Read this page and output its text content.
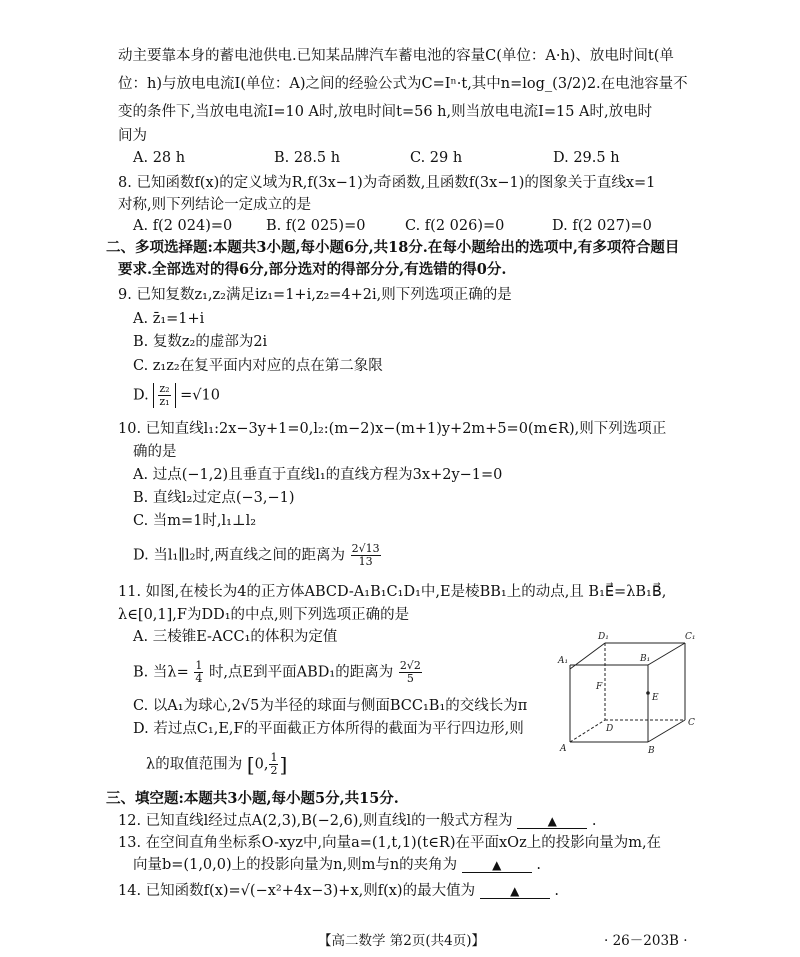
动主要靠本身的蓄电池供电.已知某品牌汽车蓄电池的容量C(单位：A·h)、放电时间t(单
位：h)与放电电流I(单位：A)之间的经验公式为C=Iⁿ·t,其中n=log_(3/2)2.在电池容量不
变的条件下,当放电电流I=10 A时,放电时间t=56 h,则当放电电流I=15 A时,放电时
间为
A. 28 h	B. 28.5 h	C. 29 h	D. 29.5 h
8. 已知函数f(x)的定义域为R,f(3x−1)为奇函数,且函数f(3x−1)的图象关于直线x=1
对称,则下列结论一定成立的是
A. f(2 024)=0 B. f(2 025)=0	C. f(2 026)=0	D. f(2 027)=0
二、多项选择题:本题共3小题,每小题6分,共18分.在每小题给出的选项中,有多项符合题目
要求.全部选对的得6分,部分选对的得部分分,有选错的得0分.
9. 已知复数z₁,z₂满足iz₁=1+i,z₂=4+2i,则下列选项正确的是
A. z̄₁=1+i
B. 复数z₂的虚部为2i
C. z₁z₂在复平面内对应的点在第二象限
D. $\frac{\text{z₂}}{\text{z₁}} =√10$
10. 已知直线l₁:2x−3y+1=0,l₂:(m−2)x−(m+1)y+2m+5=0(m∈R),则下列选项正
确的是
A. 过点(−1,2)且垂直于直线l₁的直线方程为3x+2y−1=0
B. 直线l₂过定点(−3,−1)
C. 当m=1时,l₁⊥l₂
D. 当l₁∥l₂时,两直线之间的距离为 $\frac{2√13}{13}$
11. 如图,在棱长为4的正方体ABCD-A₁B₁C₁D₁中,E是棱BB₁上的动点,且 B₁E⃗=λB₁B⃗,
λ∈[0,1],F为DD₁的中点,则下列选项正确的是
A. 三棱锥E-ACC₁的体积为定值
B. 当$\lambda= \frac{1}{4}$ 时,点E到平面ABD₁的距离为 $\frac{2√2}{5}$
C. 以A₁为球心,2√5为半径的球面与侧面BCC₁B₁的交线长为π
D. 若过点C₁,E,F的平面截正方体所得的截面为平行四边形,则
λ的取值范围为 [0, $\frac{1}{2}$ ]
A	B
C
D
A₁	B₁
C₁
D₁
E
F
三、填空题:本题共3小题,每小题5分,共15分.
12. 已知直线l经过点A(2,3),B(−2,6),则直线l的一般式方程为	▲ .
13. 在空间直角坐标系O-xyz中,向量a=(1,t,1)(t∈R)在平面xOz上的投影向量为m,在
向量b=(1,0,0)上的投影向量为n,则m与n的夹角为	▲ .
14. 已知函数f(x)=√(−x²+4x−3)+x,则f(x)的最大值为	▲ .
【高二数学 第2页(共4页)】	· 26－203B ·
